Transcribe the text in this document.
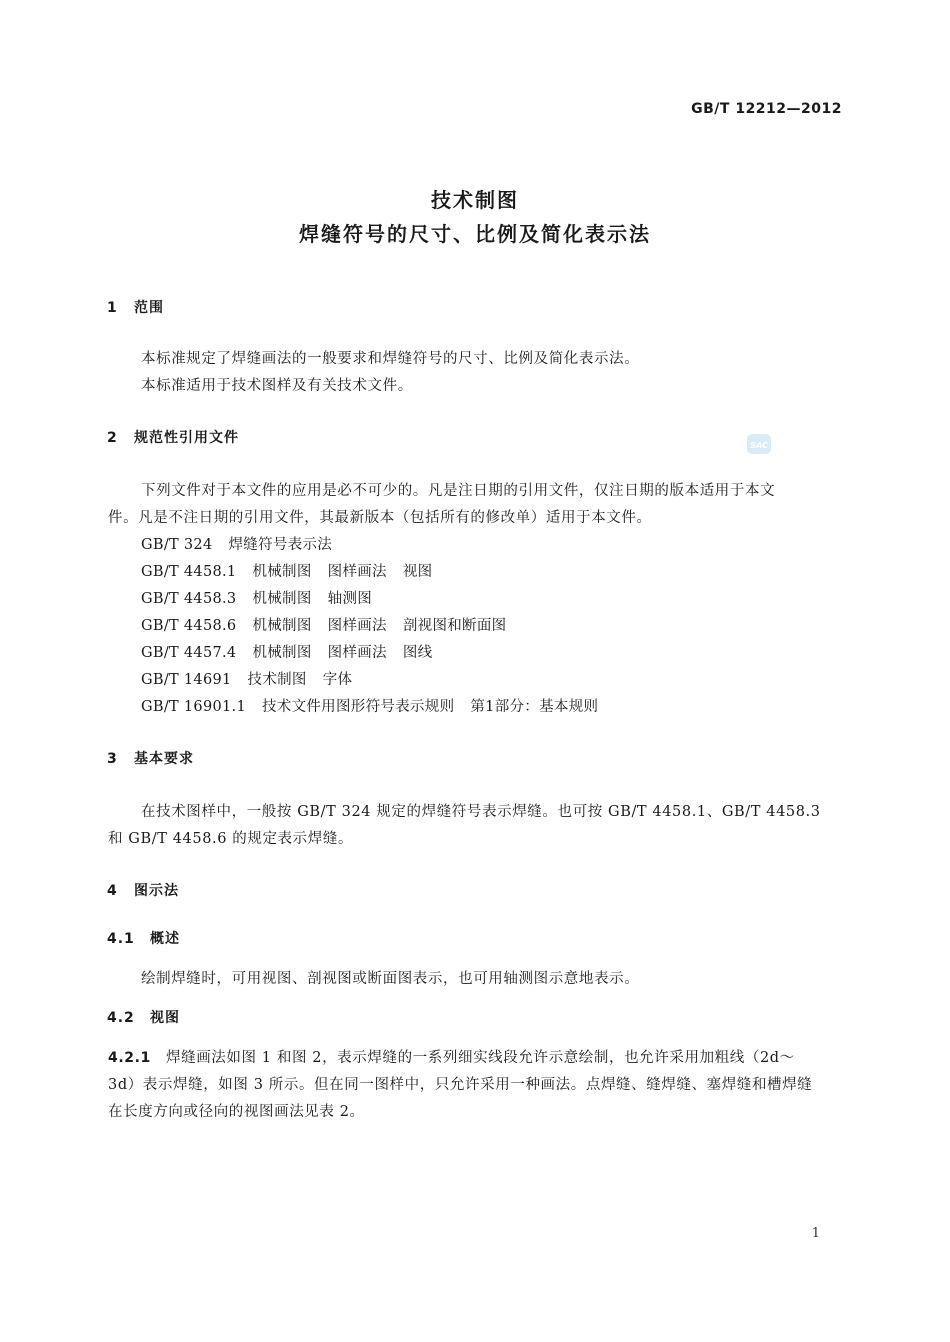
GB/T 12212—2012
技术制图
焊缝符号的尺寸、比例及简化表示法
1 范围
本标准规定了焊缝画法的一般要求和焊缝符号的尺寸、比例及简化表示法。
本标准适用于技术图样及有关技术文件。
2 规范性引用文件	SAC
下列文件对于本文件的应用是必不可少的。凡是注日期的引用文件，仅注日期的版本适用于本文
件。凡是不注日期的引用文件，其最新版本（包括所有的修改单）适用于本文件。
GB/T 324 焊缝符号表示法
GB/T 4458.1 机械制图 图样画法 视图
GB/T 4458.3 机械制图 轴测图
GB/T 4458.6 机械制图 图样画法 剖视图和断面图
GB/T 4457.4 机械制图 图样画法 图线
GB/T 14691 技术制图 字体
GB/T 16901.1 技术文件用图形符号表示规则 第1部分：基本规则
3 基本要求
在技术图样中，一般按 GB/T 324 规定的焊缝符号表示焊缝。也可按 GB/T 4458.1、GB/T 4458.3
和 GB/T 4458.6 的规定表示焊缝。
4 图示法
4.1 概述
绘制焊缝时，可用视图、剖视图或断面图表示，也可用轴测图示意地表示。
4.2 视图
4.2.1 焊缝画法如图 1 和图 2，表示焊缝的一系列细实线段允许示意绘制，也允许采用加粗线（2d～
3d）表示焊缝，如图 3 所示。但在同一图样中，只允许采用一种画法。点焊缝、缝焊缝、塞焊缝和槽焊缝
在长度方向或径向的视图画法见表 2。
1
